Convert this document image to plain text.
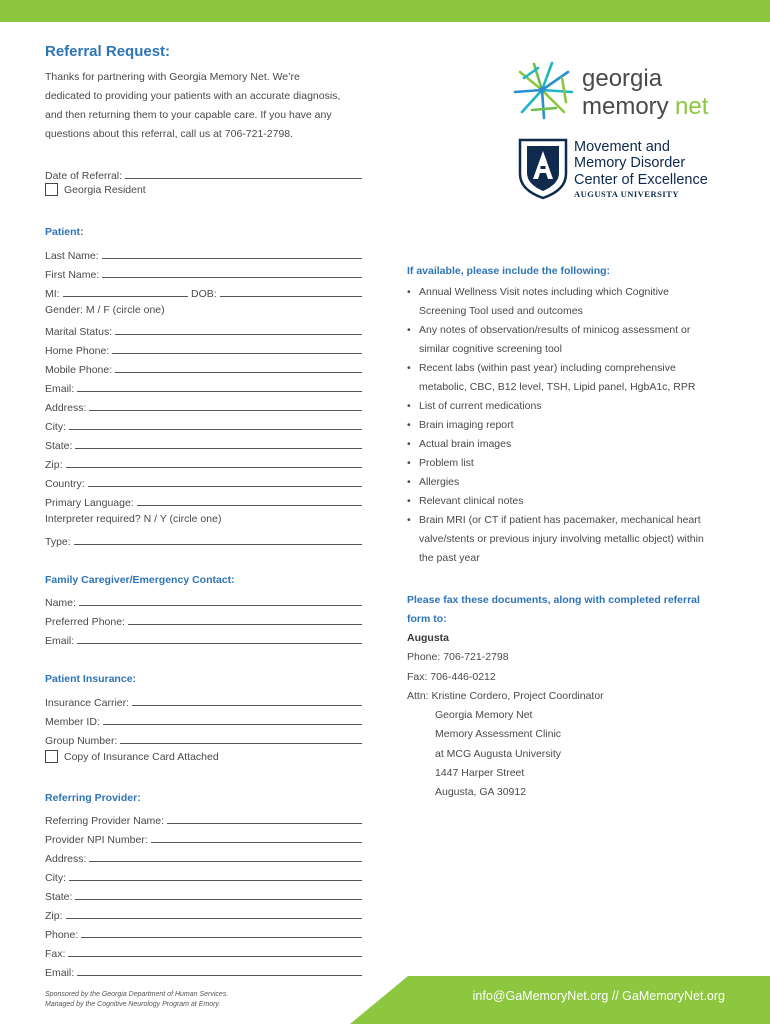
Referral Request:
Thanks for partnering with Georgia Memory Net. We’re
dedicated to providing your patients with an accurate diagnosis,
and then returning them to your capable care. If you have any
questions about this referral, call us at 706-721-2798.
georgia
memory net
Movement and
Memory Disorder
Center of Excellence
AUGUSTA UNIVERSITY
Date of Referral:
Georgia Resident
Patient:
Last Name:
First Name:
MI:	DOB:
Gender: M / F (circle one)
Marital Status:
Home Phone:
Mobile Phone:
Email:
Address:
City:
State:
Zip:
Country:
Primary Language:
Interpreter required? N / Y (circle one)
Type:
Family Caregiver/Emergency Contact:
Name:
Preferred Phone:
Email:
Patient Insurance:
Insurance Carrier:
Member ID:
Group Number:
Copy of Insurance Card Attached
Referring Provider:
Referring Provider Name:
Provider NPI Number:
Address:
City:
State:
Zip:
Phone:
Fax:
Email:
If available, please include the following:
• Annual Wellness Visit notes including which Cognitive
Screening Tool used and outcomes
• Any notes of observation/results of minicog assessment or
similar cognitive screening tool
• Recent labs (within past year) including comprehensive
metabolic, CBC, B12 level, TSH, Lipid panel, HgbA1c, RPR
• List of current medications
• Brain imaging report
• Actual brain images
• Problem list
• Allergies
• Relevant clinical notes
• Brain MRI (or CT if patient has pacemaker, mechanical heart
valve/stents or previous injury involving metallic object) within
the past year
Please fax these documents, along with completed referral
form to:
Augusta
Phone: 706-721-2798
Fax: 706-446-0212
Attn: Kristine Cordero, Project Coordinator
Georgia Memory Net
Memory Assessment Clinic
at MCG Augusta University
1447 Harper Street
Augusta, GA 30912
Sponsored by the Georgia Department of Human Services.
Managed by the Cognitive Neurology Program at Emory.
info@GaMemoryNet.org // GaMemoryNet.org
